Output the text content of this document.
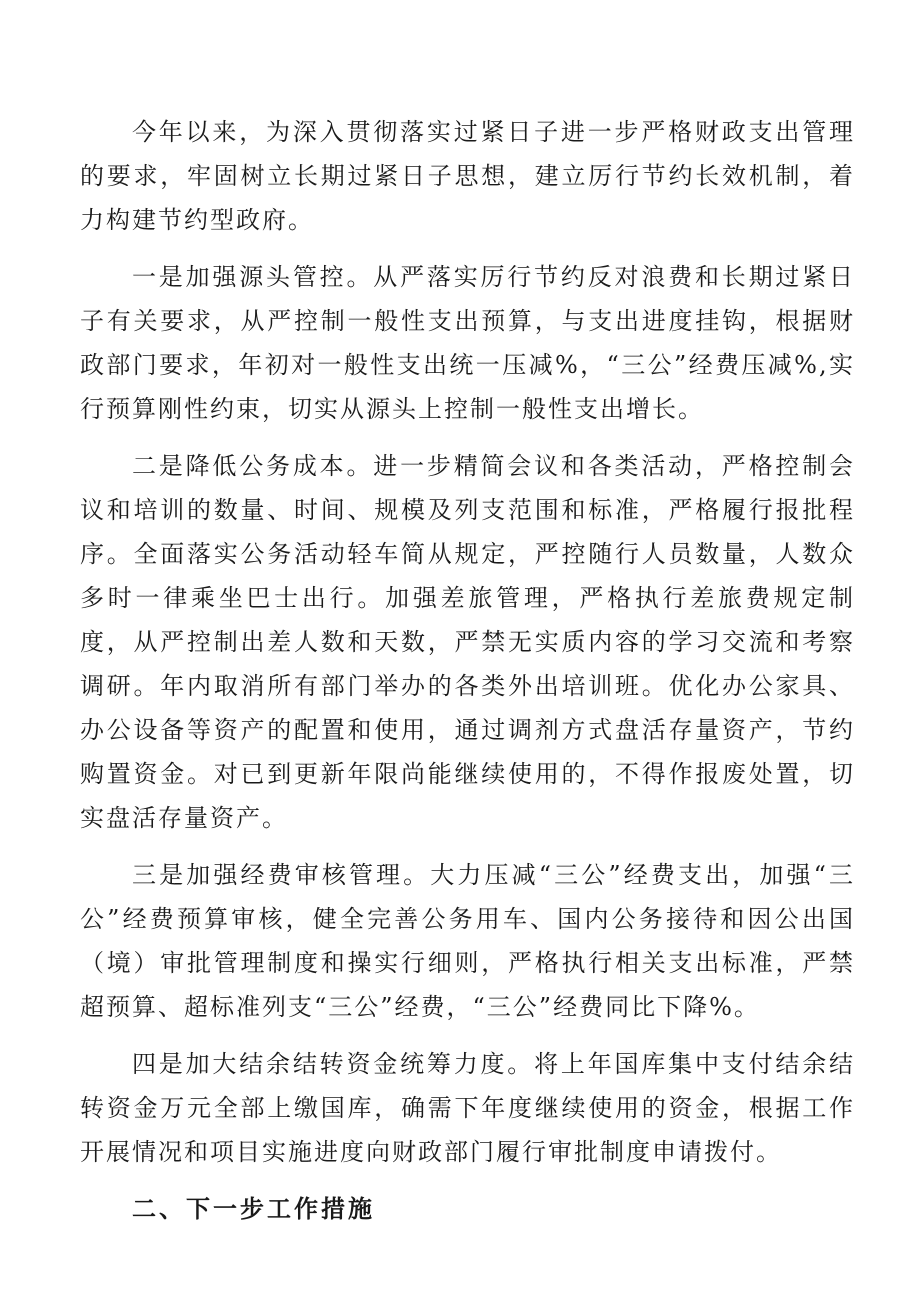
今年以来，为深入贯彻落实过紧日子进一步严格财政支出管理的要求，牢固树立长期过紧日子思想，建立厉行节约长效机制，着力构建节约型政府。

一是加强源头管控。从严落实厉行节约反对浪费和长期过紧日子有关要求，从严控制一般性支出预算，与支出进度挂钩，根据财政部门要求，年初对一般性支出统一压减%，“三公”经费压减%,实行预算刚性约束，切实从源头上控制一般性支出增长。

二是降低公务成本。进一步精简会议和各类活动，严格控制会议和培训的数量、时间、规模及列支范围和标准，严格履行报批程序。全面落实公务活动轻车简从规定，严控随行人员数量，人数众多时一律乘坐巴士出行。加强差旅管理，严格执行差旅费规定制度，从严控制出差人数和天数，严禁无实质内容的学习交流和考察调研。年内取消所有部门举办的各类外出培训班。优化办公家具、办公设备等资产的配置和使用，通过调剂方式盘活存量资产，节约购置资金。对已到更新年限尚能继续使用的，不得作报废处置，切实盘活存量资产。

三是加强经费审核管理。大力压减“三公”经费支出，加强“三公”经费预算审核，健全完善公务用车、国内公务接待和因公出国（境）审批管理制度和操实行细则，严格执行相关支出标准，严禁超预算、超标准列支“三公”经费，“三公”经费同比下降%。

四是加大结余结转资金统筹力度。将上年国库集中支付结余结转资金万元全部上缴国库，确需下年度继续使用的资金，根据工作开展情况和项目实施进度向财政部门履行审批制度申请拨付。

二、下一步工作措施
